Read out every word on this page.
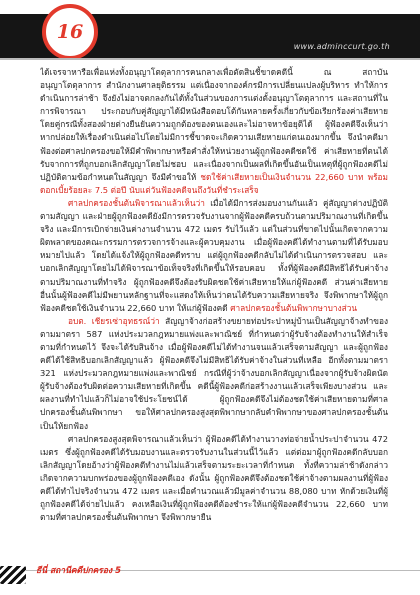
www.adminccurt.go.th
16

ได้เจรจาหารือเพื่อแห่งทั้งอนุญาโตตุลาการคนกลางเพื่อตัดสินชี้ขาดคดีนี้ ณ สถาบันอนุญาโตตุลาการ สำนักงานศาลยุติธรรม แต่เนื่องจากองค์กรมีการเปลี่ยนแปลงผู้บริหาร ทำให้การดำเนินการล่าช้า จึงยังไม่อาจตกลงกันได้ทั้งในส่วนของการแต่งตั้งอนุญาโตตุลาการ และสถานที่ในการพิจารณา ประกอบกับคู่สัญญาได้มีหนังสือตอบโต้กันหลายครั้งเกี่ยวกับข้อเรียกร้องค่าเสียหาย โดยคู่กรณีทั้งสองฝ่ายต่างยืนยันความถูกต้องของตนเองและไม่อาจหาข้อยุติได้ ผู้ฟ้องคดีจึงเห็นว่าหากปล่อยให้เรื่องดำเนินต่อไปโดยไม่มีการชี้ขาดจะเกิดความเสียหายแก่ตนเองมากขึ้น จึงนำคดีมาฟ้องต่อศาลปกครองขอให้มีคำพิพากษาหรือคำสั่งให้หน่วยงานผู้ถูกฟ้องคดีชดใช้ ค่าเสียหายที่ตนได้รับจากการที่ถูกบอกเลิกสัญญาโดยไม่ชอบ และเนื่องจากเป็นผลที่เกิดขึ้นอันเป็นเหตุที่ผู้ถูกฟ้องคดีไม่ปฏิบัติตามข้อกำหนดในสัญญา จึงมีคำขอให้ ชดใช้ค่าเสียหายเป็นเงินจำนวน 22,660 บาท พร้อมดอกเบี้ยร้อยละ 7.5 ต่อปี นับแต่วันฟ้องคดีจนถึงวันที่ชำระเสร็จ

ศาลปกครองชั้นต้นพิจารณาแล้วเห็นว่า เมื่อได้มีการส่งมอบงานกันแล้ว คู่สัญญาต่างปฏิบัติตามสัญญา และฝ่ายผู้ถูกฟ้องคดียังมีการตรวจรับงานจากผู้ฟ้องคดีครบถ้วนตามปริมาณงานที่เกิดขึ้นจริง และมีการเบิกจ่ายเงินค่างานจำนวน 472 เมตร รับไว้แล้ว แต่ในส่วนที่ขาดไปนั้นเกิดจากความผิดพลาดของคณะกรรมการตรวจการจ้างและผู้ควบคุมงาน เมื่อผู้ฟ้องคดีได้ทำงานตามที่ได้รับมอบหมายไปแล้ว โดยได้แจ้งให้ผู้ถูกฟ้องคดีทราบ แต่ผู้ถูกฟ้องคดีกลับไม่ได้ดำเนินการตรวจสอบ และบอกเลิกสัญญาโดยไม่ได้พิจารณาข้อเท็จจริงที่เกิดขึ้นให้รอบคอบ ทั้งที่ผู้ฟ้องคดีมีสิทธิได้รับค่าจ้างตามปริมาณงานที่ทำจริง ผู้ถูกฟ้องคดีจึงต้องรับผิดชดใช้ค่าเสียหายให้แก่ผู้ฟ้องคดี ส่วนค่าเสียหายอื่นนั้นผู้ฟ้องคดีไม่มีพยานหลักฐานที่จะแสดงให้เห็นว่าตนได้รับความเสียหายจริง จึงพิพากษาให้ผู้ถูกฟ้องคดีชดใช้เงินจำนวน 22,660 บาท ให้แก่ผู้ฟ้องคดี ศาลปกครองชั้นต้นพิพากษาบางส่วน

อบต. เชียรเซ่าอุทธรณ์ว่า สัญญาจ้างก่อสร้างขยายท่อประปาหมู่บ้านเป็นสัญญาจ้างทำของตามมาตรา 587 แห่งประมวลกฎหมายแพ่งและพาณิชย์ ที่กำหนดว่าผู้รับจ้างต้องทำงานให้สำเร็จตามที่กำหนดไว้ จึงจะได้รับสินจ้าง เมื่อผู้ฟ้องคดีไม่ได้ทำงานจนแล้วเสร็จตามสัญญา และผู้ถูกฟ้องคดีได้ใช้สิทธิบอกเลิกสัญญาแล้ว ผู้ฟ้องคดีจึงไม่มีสิทธิได้รับค่าจ้างในส่วนที่เหลือ อีกทั้งตามมาตรา 321 แห่งประมวลกฎหมายแพ่งและพาณิชย์ กรณีที่ผู้ว่าจ้างบอกเลิกสัญญาเนื่องจากผู้รับจ้างผิดนัด ผู้รับจ้างต้องรับผิดต่อความเสียหายที่เกิดขึ้น คดีนี้ผู้ฟ้องคดีก่อสร้างงานแล้วเสร็จเพียงบางส่วน และผลงานที่ทำไปแล้วก็ไม่อาจใช้ประโยชน์ได้ ผู้ถูกฟ้องคดีจึงไม่ต้องชดใช้ค่าเสียหายตามที่ศาลปกครองชั้นต้นพิพากษา ขอให้ศาลปกครองสูงสุดพิพากษากลับคำพิพากษาของศาลปกครองชั้นต้นเป็นให้ยกฟ้อง

ศาลปกครองสูงสุดพิจารณาแล้วเห็นว่า ผู้ฟ้องคดีได้ทำงานวางท่อจ่ายน้ำประปาจำนวน 472 เมตร ซึ่งผู้ถูกฟ้องคดีได้รับมอบงานและตรวจรับงานในส่วนนี้ไว้แล้ว แต่ต่อมาผู้ถูกฟ้องคดีกลับบอกเลิกสัญญาโดยอ้างว่าผู้ฟ้องคดีทำงานไม่แล้วเสร็จตามระยะเวลาที่กำหนด ทั้งที่ความล่าช้าดังกล่าวเกิดจากความบกพร่องของผู้ถูกฟ้องคดีเอง ดังนั้น ผู้ถูกฟ้องคดีจึงต้องชดใช้ค่าจ้างตามผลงานที่ผู้ฟ้องคดีได้ทำไปจริงจำนวน 472 เมตร และเมื่อคำนวณแล้วมีมูลค่าจำนวน 88,080 บาท หักด้วยเงินที่ผู้ถูกฟ้องคดีได้จ่ายไปแล้ว คงเหลือเงินที่ผู้ถูกฟ้องคดีต้องชำระให้แก่ผู้ฟ้องคดีจำนวน 22,660 บาท ตามที่ศาลปกครองชั้นต้นพิพากษา จึงพิพากษายืน

ธีนี่ สถานีคดีปกครอง 5
